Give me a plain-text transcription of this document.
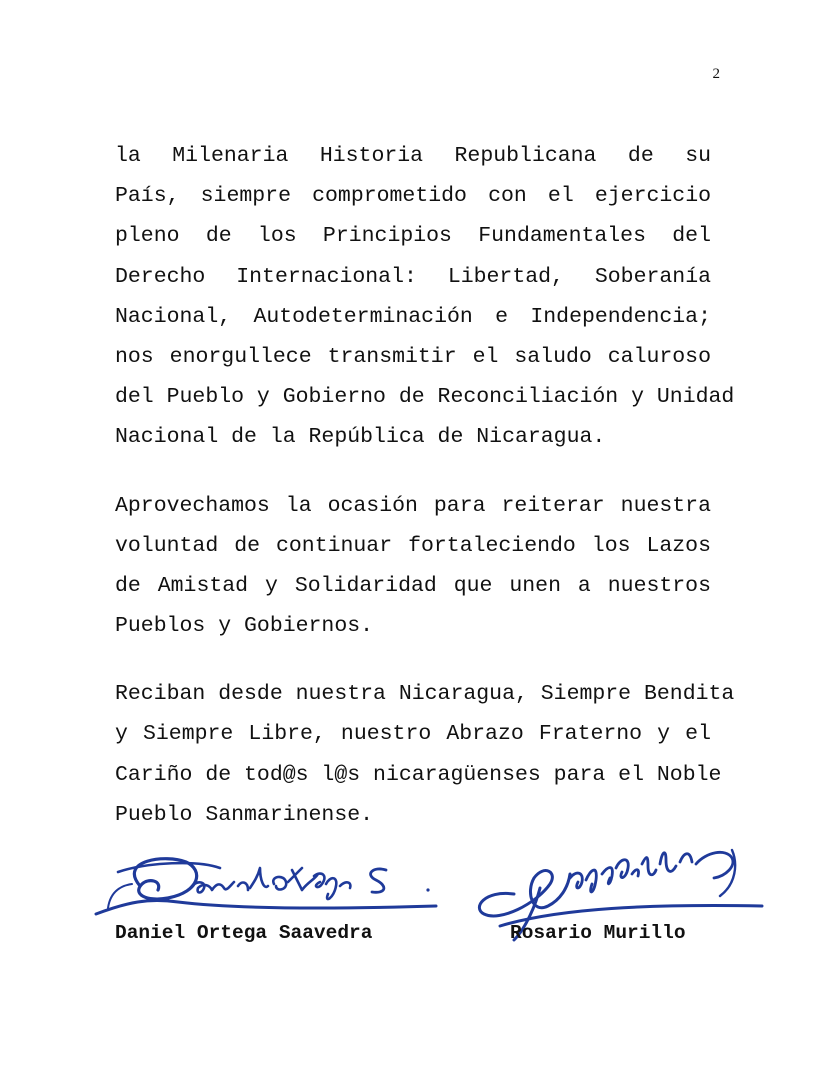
2

la Milenaria Historia Republicana de su
País, siempre comprometido con el ejercicio
pleno de los Principios Fundamentales del
Derecho Internacional: Libertad, Soberanía
Nacional, Autodeterminación e Independencia;
nos enorgullece transmitir el saludo caluroso
del Pueblo y Gobierno de Reconciliación y Unidad
Nacional de la República de Nicaragua.

Aprovechamos la ocasión para reiterar nuestra
voluntad de continuar fortaleciendo los Lazos
de Amistad y Solidaridad que unen a nuestros
Pueblos y Gobiernos.

Reciban desde nuestra Nicaragua, Siempre Bendita
y Siempre Libre, nuestro Abrazo Fraterno y el
Cariño de tod@s l@s nicaragüenses para el Noble
Pueblo Sanmarinense.

Daniel Ortega Saavedra	Rosario Murillo
